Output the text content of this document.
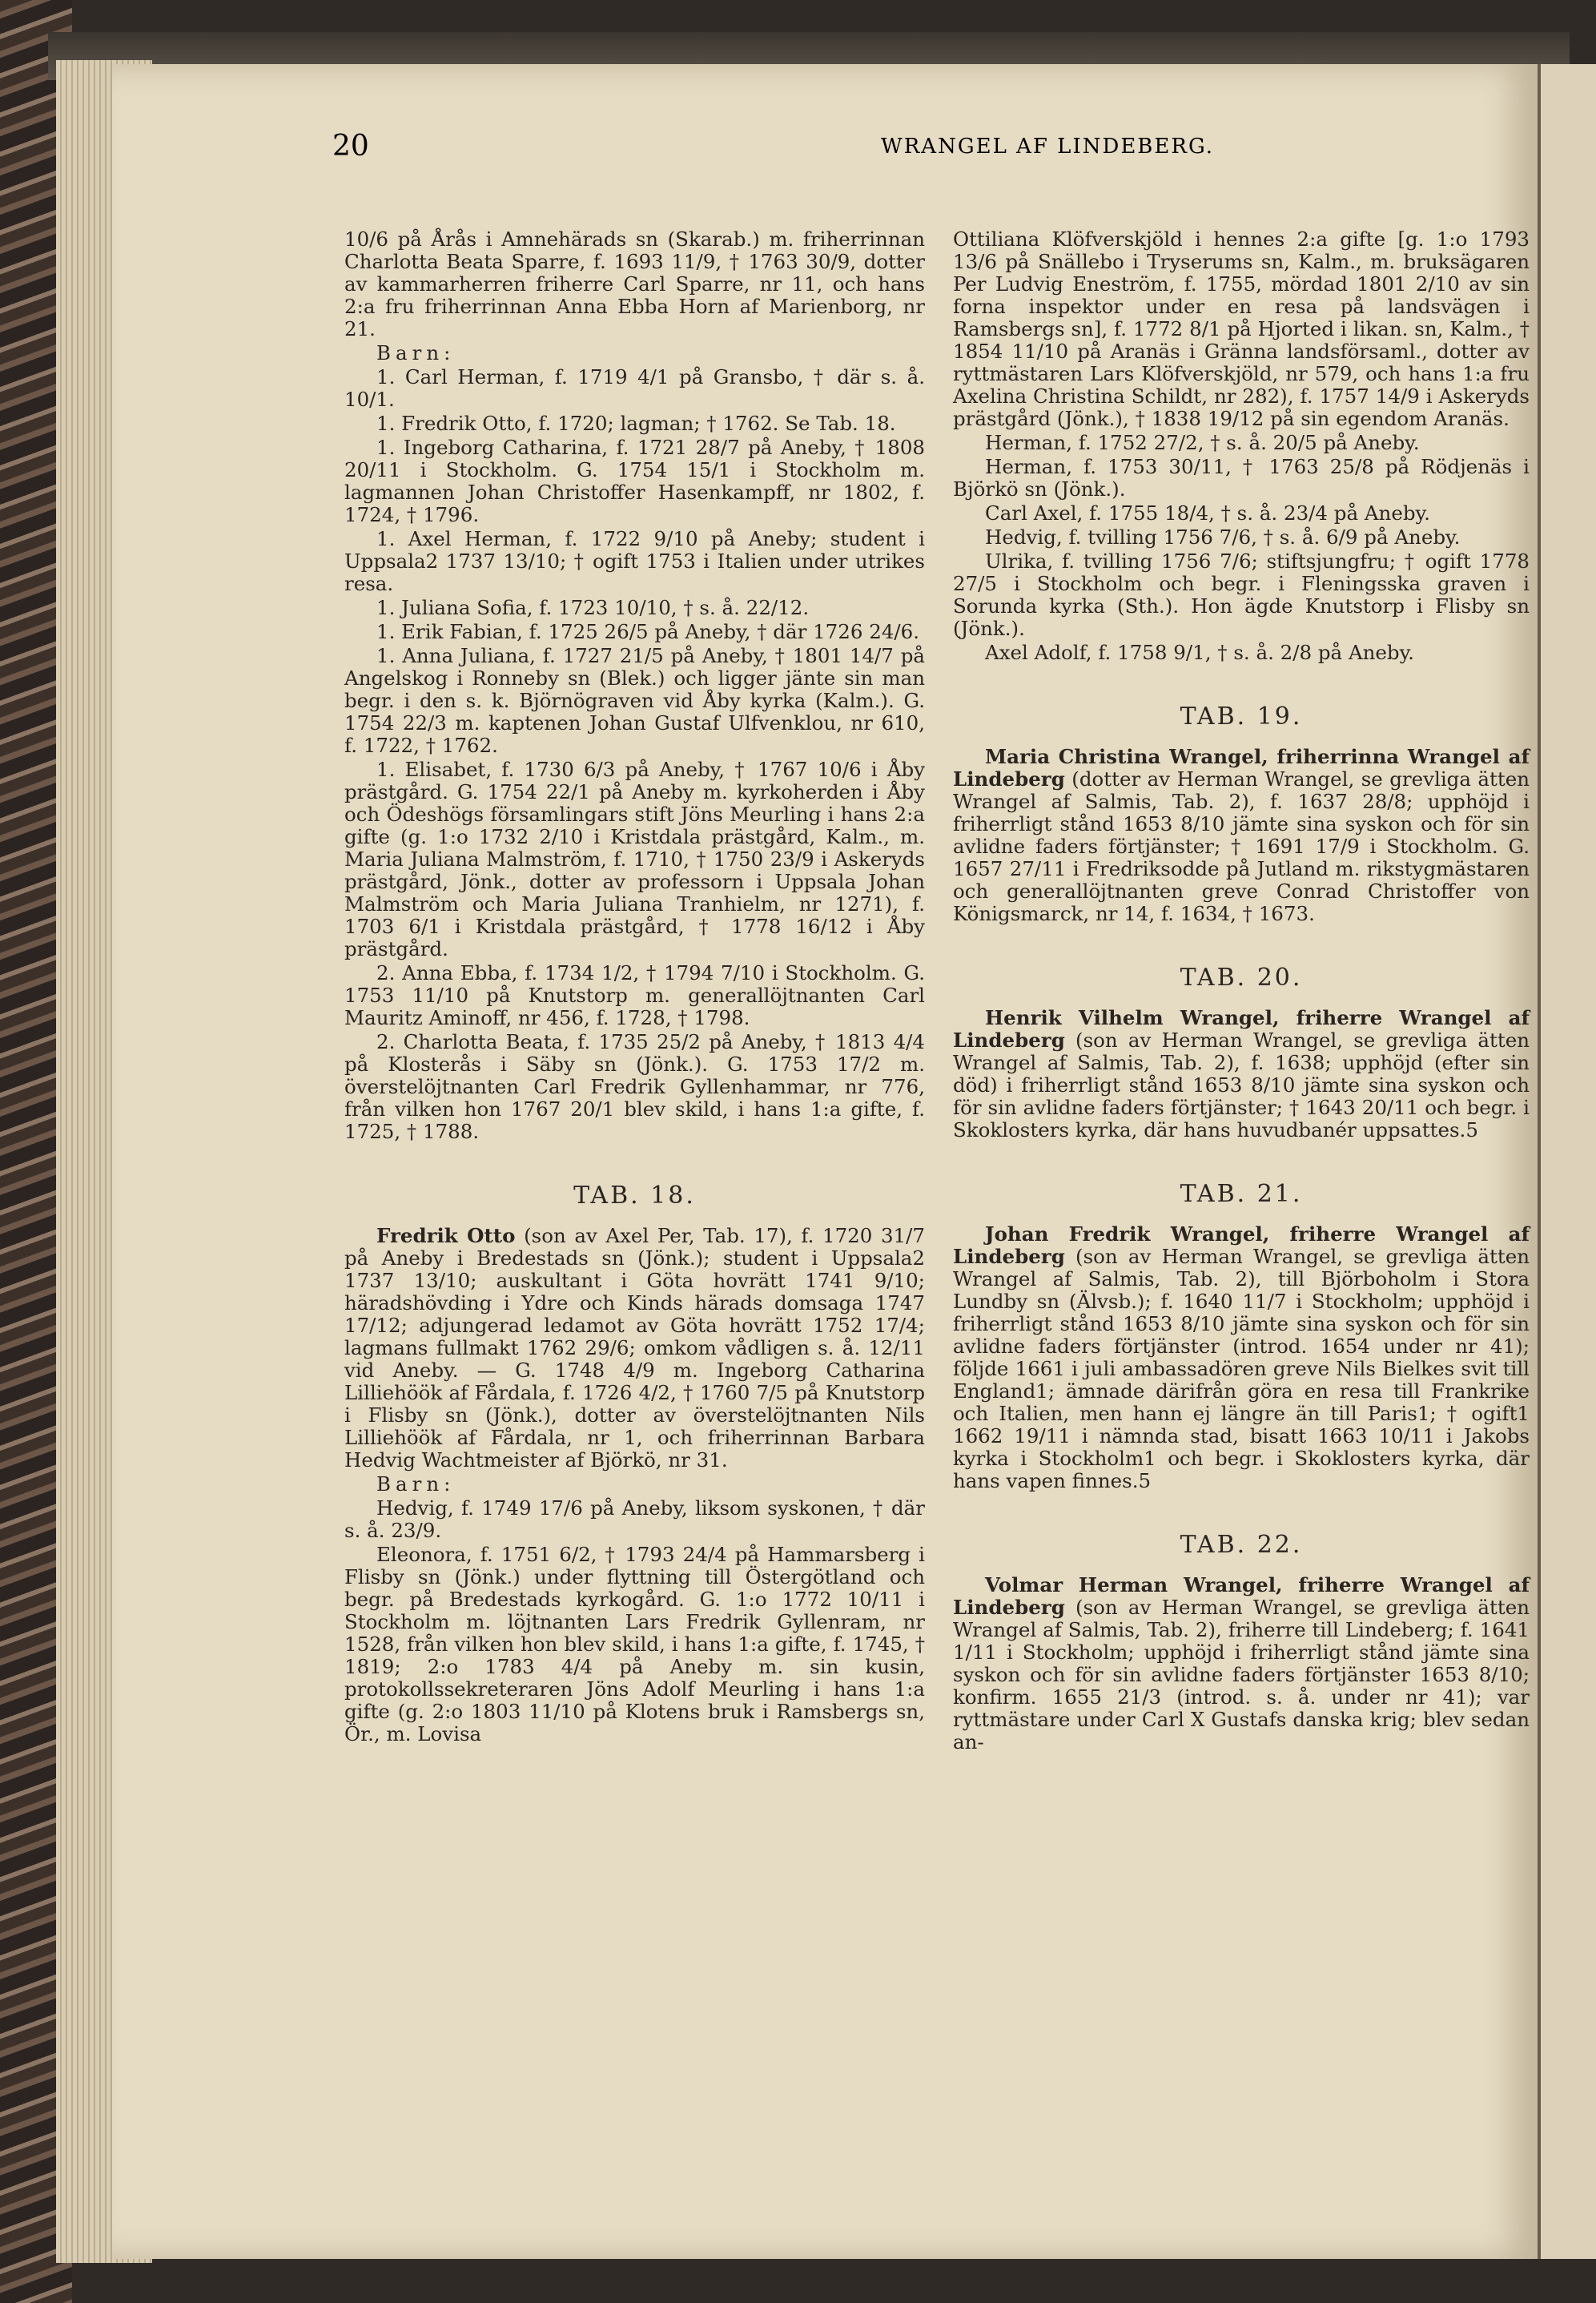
20	WRANGEL AF LINDEBERG.

10/6 på Årås i Amnehärads sn (Skarab.) m. friherrinnan Charlotta Beata Sparre, f. 1693 11/9, † 1763 30/9, dotter av kammarherren friherre Carl Sparre, nr 11, och hans 2:a fru friherrinnan Anna Ebba Horn af Marienborg, nr 21.

Barn:

1. Carl Herman, f. 1719 4/1 på Gransbo, † där s. å. 10/1.

1. Fredrik Otto, f. 1720; lagman; † 1762. Se Tab. 18.

1. Ingeborg Catharina, f. 1721 28/7 på Aneby, † 1808 20/11 i Stockholm. G. 1754 15/1 i Stockholm m. lagmannen Johan Christoffer Hasenkampff, nr 1802, f. 1724, † 1796.

1. Axel Herman, f. 1722 9/10 på Aneby; student i Uppsala2 1737 13/10; † ogift 1753 i Italien under utrikes resa.

1. Juliana Sofia, f. 1723 10/10, † s. å. 22/12.

1. Erik Fabian, f. 1725 26/5 på Aneby, † där 1726 24/6.

1. Anna Juliana, f. 1727 21/5 på Aneby, † 1801 14/7 på Angelskog i Ronneby sn (Blek.) och ligger jänte sin man begr. i den s. k. Björnögraven vid Åby kyrka (Kalm.). G. 1754 22/3 m. kaptenen Johan Gustaf Ulfvenklou, nr 610, f. 1722, † 1762.

1. Elisabet, f. 1730 6/3 på Aneby, † 1767 10/6 i Åby prästgård. G. 1754 22/1 på Aneby m. kyrkoherden i Åby och Ödeshögs församlingars stift Jöns Meurling i hans 2:a gifte (g. 1:o 1732 2/10 i Kristdala prästgård, Kalm., m. Maria Juliana Malmström, f. 1710, † 1750 23/9 i Askeryds prästgård, Jönk., dotter av professorn i Uppsala Johan Malmström och Maria Juliana Tranhielm, nr 1271), f. 1703 6/1 i Kristdala prästgård, † 1778 16/12 i Åby prästgård.

2. Anna Ebba, f. 1734 1/2, † 1794 7/10 i Stockholm. G. 1753 11/10 på Knutstorp m. generallöjtnanten Carl Mauritz Aminoff, nr 456, f. 1728, † 1798.

2. Charlotta Beata, f. 1735 25/2 på Aneby, † 1813 4/4 på Klosterås i Säby sn (Jönk.). G. 1753 17/2 m. överstelöjtnanten Carl Fredrik Gyllenhammar, nr 776, från vilken hon 1767 20/1 blev skild, i hans 1:a gifte, f. 1725, † 1788.

TAB. 18.

Fredrik Otto (son av Axel Per, Tab. 17), f. 1720 31/7 på Aneby i Bredestads sn (Jönk.); student i Uppsala2 1737 13/10; auskultant i Göta hovrätt 1741 9/10; häradshövding i Ydre och Kinds härads domsaga 1747 17/12; adjungerad ledamot av Göta hovrätt 1752 17/4; lagmans fullmakt 1762 29/6; omkom vådligen s. å. 12/11 vid Aneby. — G. 1748 4/9 m. Ingeborg Catharina Lilliehöök af Fårdala, f. 1726 4/2, † 1760 7/5 på Knutstorp i Flisby sn (Jönk.), dotter av överstelöjtnanten Nils Lilliehöök af Fårdala, nr 1, och friherrinnan Barbara Hedvig Wachtmeister af Björkö, nr 31.

Barn:

Hedvig, f. 1749 17/6 på Aneby, liksom syskonen, † där s. å. 23/9.

Eleonora, f. 1751 6/2, † 1793 24/4 på Hammarsberg i Flisby sn (Jönk.) under flyttning till Östergötland och begr. på Bredestads kyrkogård. G. 1:o 1772 10/11 i Stockholm m. löjtnanten Lars Fredrik Gyllenram, nr 1528, från vilken hon blev skild, i hans 1:a gifte, f. 1745, † 1819; 2:o 1783 4/4 på Aneby m. sin kusin, protokollssekreteraren Jöns Adolf Meurling i hans 1:a gifte (g. 2:o 1803 11/10 på Klotens bruk i Ramsbergs sn, Ör., m. Lovisa

Ottiliana Klöfverskjöld i hennes 2:a gifte [g. 1:o 1793 13/6 på Snällebo i Tryserums sn, Kalm., m. bruksägaren Per Ludvig Eneström, f. 1755, mördad 1801 2/10 av sin forna inspektor under en resa på landsvägen i Ramsbergs sn], f. 1772 8/1 på Hjorted i likan. sn, Kalm., † 1854 11/10 på Aranäs i Gränna landsförsaml., dotter av ryttmästaren Lars Klöfverskjöld, nr 579, och hans 1:a fru Axelina Christina Schildt, nr 282), f. 1757 14/9 i Askeryds prästgård (Jönk.), † 1838 19/12 på sin egendom Aranäs.

Herman, f. 1752 27/2, † s. å. 20/5 på Aneby.

Herman, f. 1753 30/11, † 1763 25/8 på Rödjenäs i Björkö sn (Jönk.).

Carl Axel, f. 1755 18/4, † s. å. 23/4 på Aneby.

Hedvig, f. tvilling 1756 7/6, † s. å. 6/9 på Aneby.

Ulrika, f. tvilling 1756 7/6; stiftsjungfru; † ogift 1778 27/5 i Stockholm och begr. i Fleningsska graven i Sorunda kyrka (Sth.). Hon ägde Knutstorp i Flisby sn (Jönk.).

Axel Adolf, f. 1758 9/1, † s. å. 2/8 på Aneby.

TAB. 19.

Maria Christina Wrangel, friherrinna Wrangel af Lindeberg (dotter av Herman Wrangel, se grevliga ätten Wrangel af Salmis, Tab. 2), f. 1637 28/8; upphöjd i friherrligt stånd 1653 8/10 jämte sina syskon och för sin avlidne faders förtjänster; † 1691 17/9 i Stockholm. G. 1657 27/11 i Fredriksodde på Jutland m. rikstygmästaren och generallöjtnanten greve Conrad Christoffer von Königsmarck, nr 14, f. 1634, † 1673.

TAB. 20.

Henrik Vilhelm Wrangel, friherre Wrangel af Lindeberg (son av Herman Wrangel, se grevliga ätten Wrangel af Salmis, Tab. 2), f. 1638; upphöjd (efter sin död) i friherrligt stånd 1653 8/10 jämte sina syskon och för sin avlidne faders förtjänster; † 1643 20/11 och begr. i Skoklosters kyrka, där hans huvudbanér uppsattes.5

TAB. 21.

Johan Fredrik Wrangel, friherre Wrangel af Lindeberg (son av Herman Wrangel, se grevliga ätten Wrangel af Salmis, Tab. 2), till Björboholm i Stora Lundby sn (Älvsb.); f. 1640 11/7 i Stockholm; upphöjd i friherrligt stånd 1653 8/10 jämte sina syskon och för sin avlidne faders förtjänster (introd. 1654 under nr 41); följde 1661 i juli ambassadören greve Nils Bielkes svit till England1; ämnade därifrån göra en resa till Frankrike och Italien, men hann ej längre än till Paris1; † ogift1 1662 19/11 i nämnda stad, bisatt 1663 10/11 i Jakobs kyrka i Stockholm1 och begr. i Skoklosters kyrka, där hans vapen finnes.5

TAB. 22.

Volmar Herman Wrangel, friherre Wrangel af Lindeberg (son av Herman Wrangel, se grevliga ätten Wrangel af Salmis, Tab. 2), friherre till Lindeberg; f. 1641 1/11 i Stockholm; upphöjd i friherrligt stånd jämte sina syskon och för sin avlidne faders förtjänster 1653 8/10; konfirm. 1655 21/3 (introd. s. å. under nr 41); var ryttmästare under Carl X Gustafs danska krig; blev sedan an-
